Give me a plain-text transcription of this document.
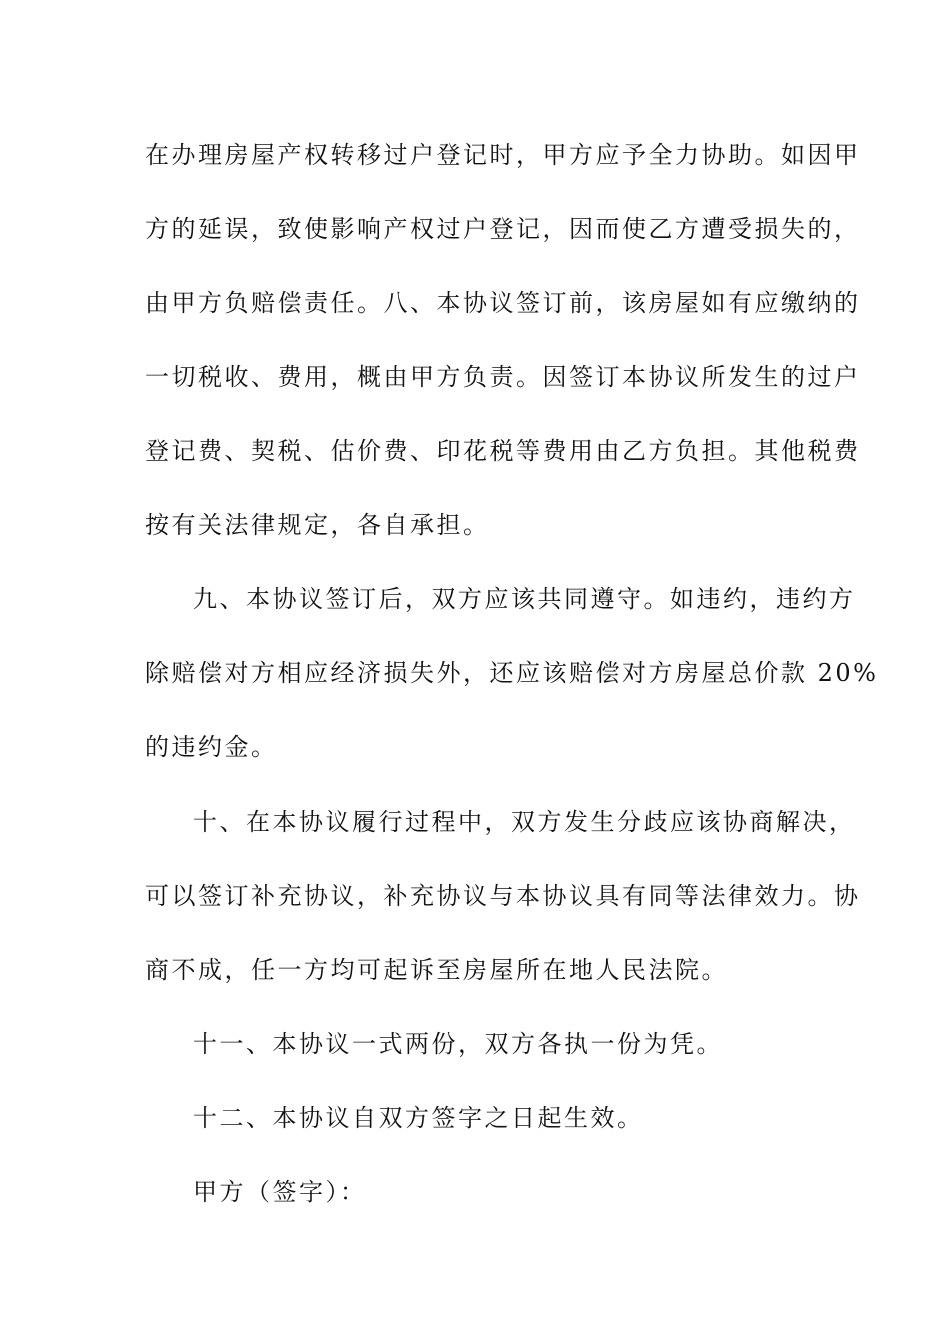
在办理房屋产权转移过户登记时，甲方应予全力协助。如因甲
方的延误，致使影响产权过户登记，因而使乙方遭受损失的，
由甲方负赔偿责任。八、本协议签订前，该房屋如有应缴纳的
一切税收、费用，概由甲方负责。因签订本协议所发生的过户
登记费、契税、估价费、印花税等费用由乙方负担。其他税费
按有关法律规定，各自承担。
九、本协议签订后，双方应该共同遵守。如违约，违约方
除赔偿对方相应经济损失外，还应该赔偿对方房屋总价款 20%
的违约金。
十、在本协议履行过程中，双方发生分歧应该协商解决，
可以签订补充协议，补充协议与本协议具有同等法律效力。协
商不成，任一方均可起诉至房屋所在地人民法院。
十一、本协议一式两份，双方各执一份为凭。
十二、本协议自双方签字之日起生效。
甲方（签字）：
